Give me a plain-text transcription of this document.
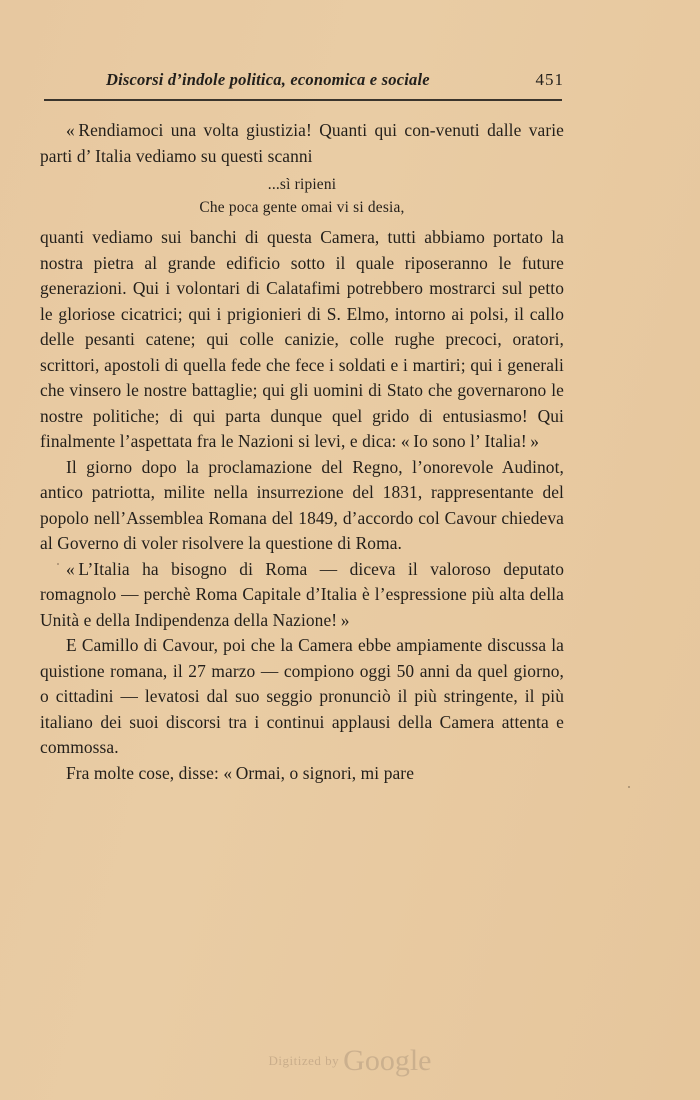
Discorsi d’indole politica, economica e sociale	451

« Rendiamoci una volta giustizia! Quanti qui con-venuti dalle varie parti d’ Italia vediamo su questi scanni

...sì ripieni
Che poca gente omai vi si desia,

quanti vediamo sui banchi di questa Camera, tutti abbiamo portato la nostra pietra al grande edificio sotto il quale riposeranno le future generazioni. Qui i volontari di Calatafimi potrebbero mostrarci sul petto le gloriose cicatrici; qui i prigionieri di S. Elmo, intorno ai polsi, il callo delle pesanti catene; qui colle canizie, colle rughe precoci, oratori, scrittori, apostoli di quella fede che fece i soldati e i martiri; qui i generali che vinsero le nostre battaglie; qui gli uomini di Stato che governarono le nostre politiche; di qui parta dunque quel grido di entusiasmo! Qui finalmente l’aspettata fra le Nazioni si levi, e dica: « Io sono l’ Italia! »

Il giorno dopo la proclamazione del Regno, l’onorevole Audinot, antico patriotta, milite nella insurrezione del 1831, rappresentante del popolo nell’Assemblea Romana del 1849, d’accordo col Cavour chiedeva al Governo di voler risolvere la questione di Roma.

« L’Italia ha bisogno di Roma — diceva il valoroso deputato romagnolo — perchè Roma Capitale d’Italia è l’espressione più alta della Unità e della Indipendenza della Nazione! »

E Camillo di Cavour, poi che la Camera ebbe ampiamente discussa la quistione romana, il 27 marzo — compiono oggi 50 anni da quel giorno, o cittadini — levatosi dal suo seggio pronunciò il più stringente, il più italiano dei suoi discorsi tra i continui applausi della Camera attenta e commossa.

Fra molte cose, disse: « Ormai, o signori, mi pare

Digitized by Google
